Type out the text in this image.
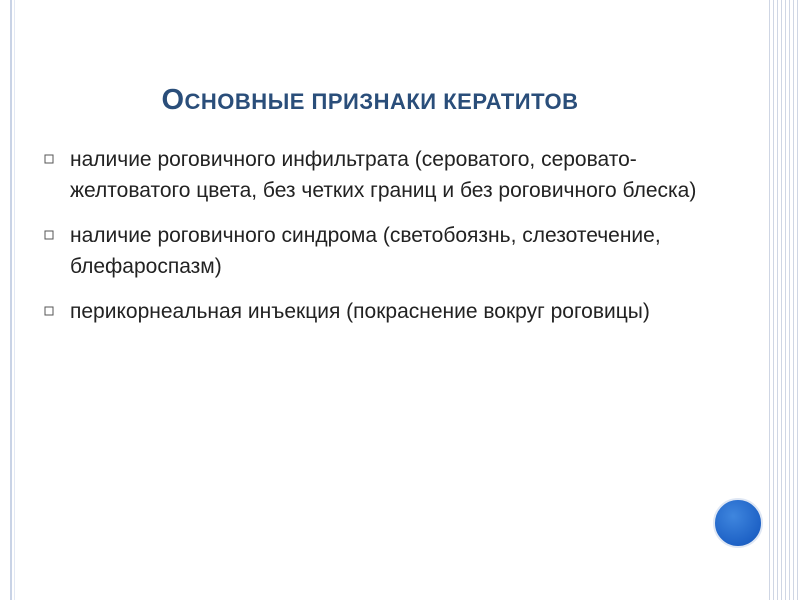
ОСНОВНЫЕ ПРИЗНАКИ КЕРАТИТОВ
наличие роговичного инфильтрата (сероватого, серовато-желтоватого цвета, без четких границ и без роговичного блеска)
наличие роговичного синдрома (светобоязнь, слезотечение, блефароспазм)
перикорнеальная инъекция (покраснение вокруг роговицы)
